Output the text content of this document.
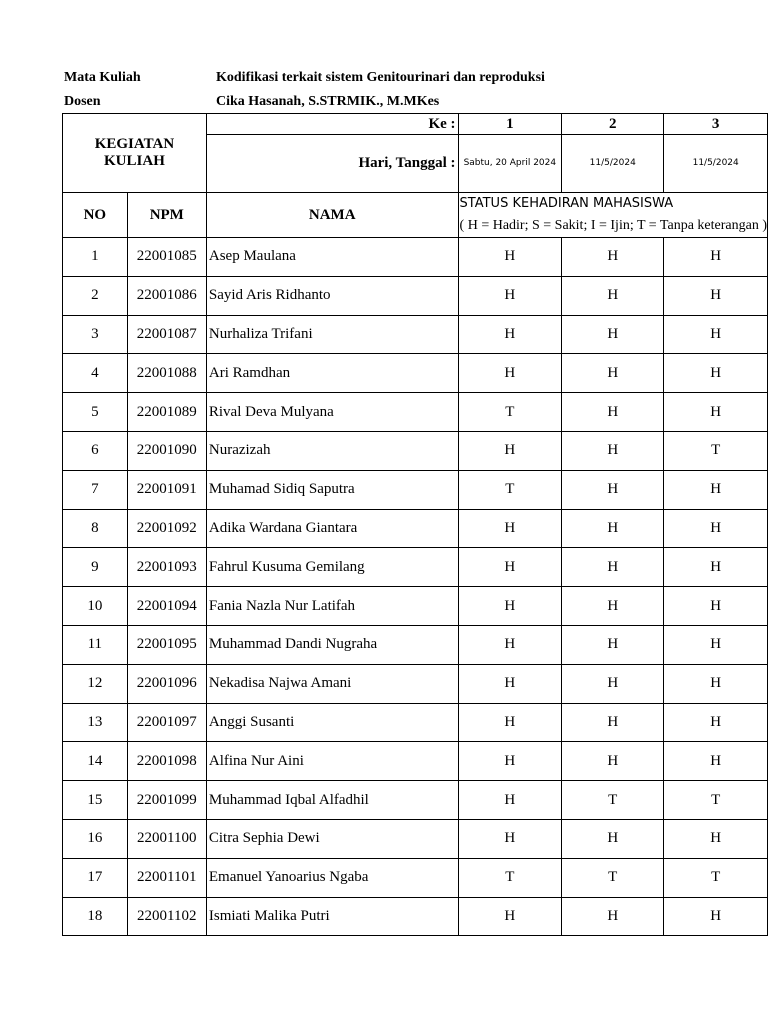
Mata Kuliah	Kodifikasi terkait sistem Genitourinari dan reproduksi
Dosen	Cika Hasanah, S.STRMIK., M.MKes
KEGIATAN KULIAH		Ke :	1	2	3
		Hari, Tanggal :	Sabtu, 20 April 2024	11/5/2024	11/5/2024
NO	NPM	NAMA	STATUS KEHADIRAN MAHASISWA
( H = Hadir; S = Sakit; I = Ijin; T = Tanpa keterangan )		

1	22001085	Asep Maulana	H	H	H
2	22001086	Sayid Aris Ridhanto	H	H	H
3	22001087	Nurhaliza Trifani	H	H	H
4	22001088	Ari Ramdhan	H	H	H
5	22001089	Rival Deva Mulyana	T	H	H
6	22001090	Nurazizah	H	H	T
7	22001091	Muhamad Sidiq Saputra	T	H	H
8	22001092	Adika Wardana Giantara	H	H	H
9	22001093	Fahrul Kusuma Gemilang	H	H	H
10	22001094	Fania Nazla Nur Latifah	H	H	H
11	22001095	Muhammad Dandi Nugraha	H	H	H
12	22001096	Nekadisa Najwa Amani	H	H	H
13	22001097	Anggi Susanti	H	H	H
14	22001098	Alfina Nur Aini	H	H	H
15	22001099	Muhammad Iqbal Alfadhil	H	T	T
16	22001100	Citra Sephia Dewi	H	H	H
17	22001101	Emanuel Yanoarius Ngaba	T	T	T
18	22001102	Ismiati Malika Putri	H	H	H
